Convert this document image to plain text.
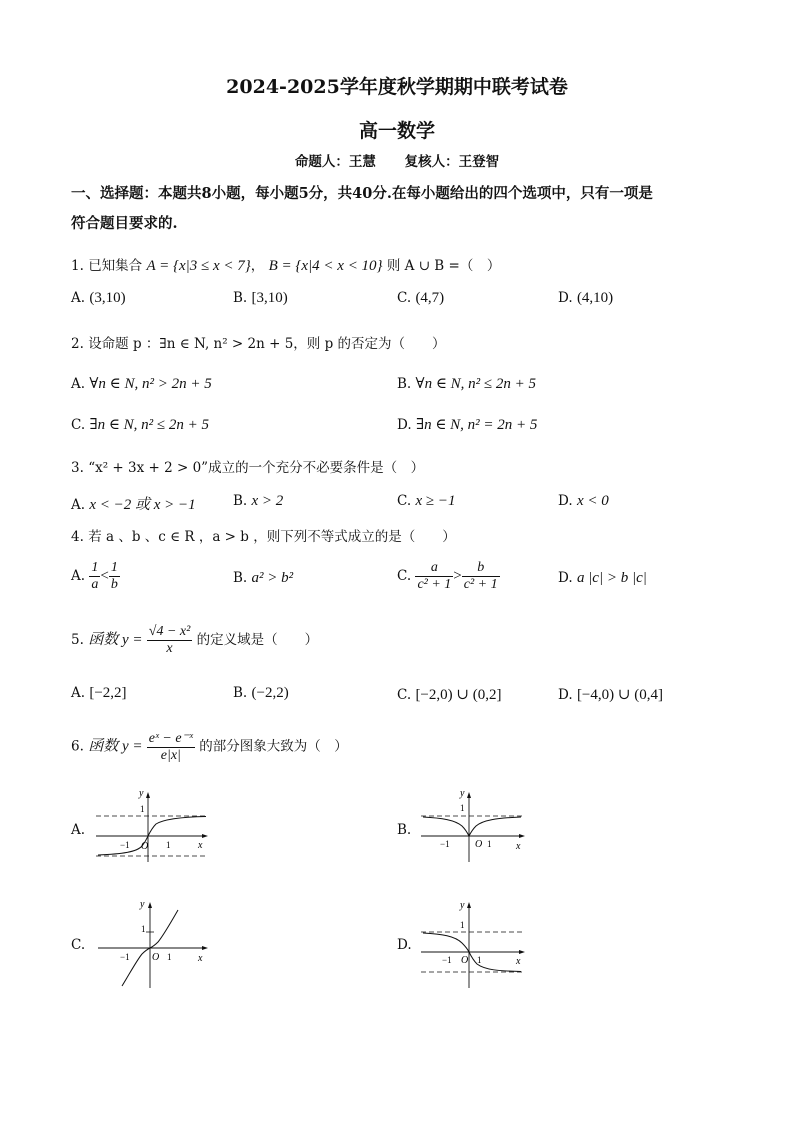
2024-2025学年度秋学期期中联考试卷
高一数学
命题人：王慧 复核人：王登智
一、选择题：本题共8小题，每小题5分，共40分.在每小题给出的四个选项中，只有一项是
符合题目要求的.
1. 已知集合 A = {x|3 ≤ x < 7}， B = {x|4 < x < 10} 则 A ∪ B =（　）
A. (3,10)	B. [3,10)	C. (4,7)	D. (4,10)
2. 设命题 p ：∃n ∈ N, n² > 2n + 5，则 p 的否定为（　　）
A. ∀n ∈ N, n² > 2n + 5	B. ∀n ∈ N, n² ≤ 2n + 5
C. ∃n ∈ N, n² ≤ 2n + 5	D. ∃n ∈ N, n² = 2n + 5
3. “x² + 3x + 2 > 0”成立的一个充分不必要条件是（　）
A. x < −2 或 x > −1	B. x > 2	C. x ≥ −1	D. x < 0
4. 若 a 、b 、c ∈ R ，a > b ，则下列不等式成立的是（　　）
A. $\frac{1}{a} < \frac{1}{b}$	B. a² > b²	C. $\frac{a}{\text{c² + 1}} > \frac{b}{\text{c² + 1}}$	D. a |c| > b |c|
5. 函数 $y = \frac{\text{√4 − x²}}{x}$ 的定义域是（　　）
A. [−2,2]	B. (−2,2)	C. [−2,0) ∪ (0,2]	D. [−4,0) ∪ (0,4]
6. 函数 $y = \frac{\text{eˣ − e⁻ˣ}}{e|x|}$ 的部分图象大致为（　）
A.	B.
C.	D.
y
x
O 1
−1
1
y
x
O 1
−1
1
y
x
O 1
−1
1
y
x
O 1
−1
1
